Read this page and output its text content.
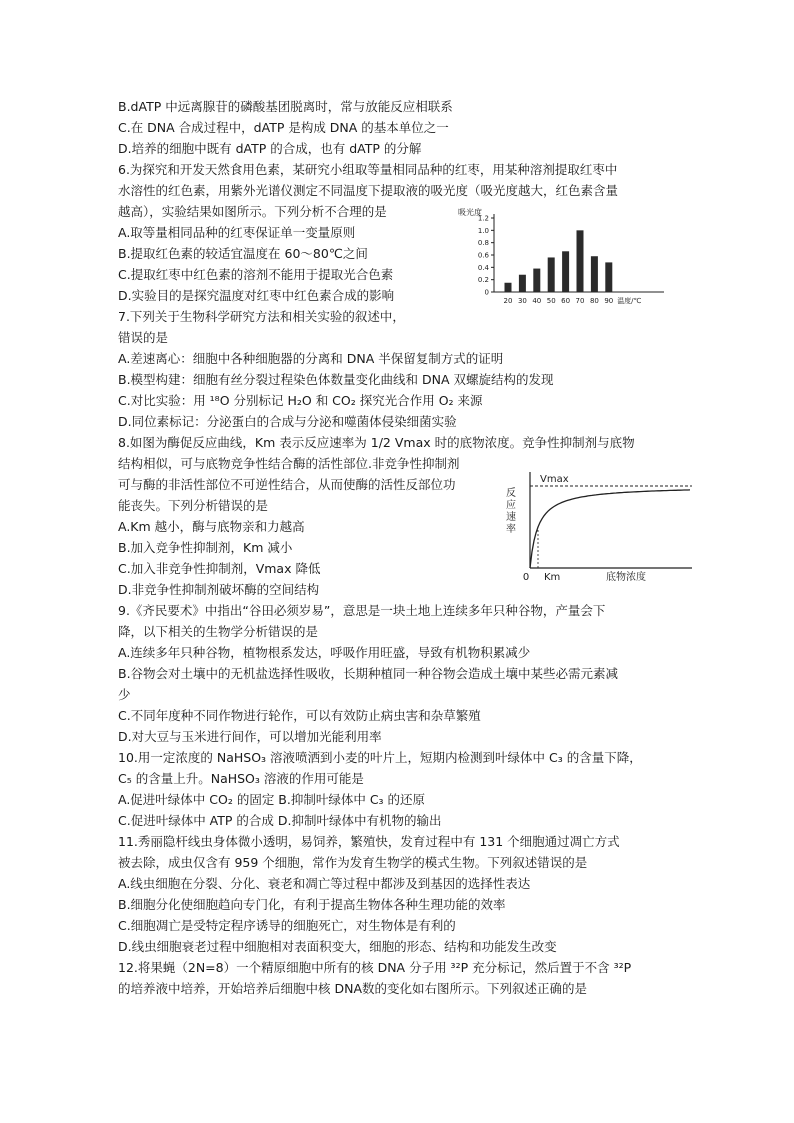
B.dATP 中远离腺苷的磷酸基团脱离时，常与放能反应相联系
C.在 DNA 合成过程中，dATP 是构成 DNA 的基本单位之一
D.培养的细胞中既有 dATP 的合成，也有 dATP 的分解
6.为探究和开发天然食用色素，某研究小组取等量相同品种的红枣，用某种溶剂提取红枣中
水溶性的红色素，用紫外光谱仪测定不同温度下提取液的吸光度（吸光度越大，红色素含量
越高），实验结果如图所示。下列分析不合理的是
A.取等量相同品种的红枣保证单一变量原则
B.提取红色素的较适宜温度在 60～80℃之间
C.提取红枣中红色素的溶剂不能用于提取光合色素
D.实验目的是探究温度对红枣中红色素合成的影响
7.下列关于生物科学研究方法和相关实验的叙述中，
错误的是
A.差速离心：细胞中各种细胞器的分离和 DNA 半保留复制方式的证明
B.模型构建：细胞有丝分裂过程染色体数量变化曲线和 DNA 双螺旋结构的发现
C.对比实验：用 ¹⁸O 分别标记 H₂O 和 CO₂ 探究光合作用 O₂ 来源
D.同位素标记：分泌蛋白的合成与分泌和噬菌体侵染细菌实验
8.如图为酶促反应曲线，Km 表示反应速率为 1/2 Vmax 时的底物浓度。竞争性抑制剂与底物
结构相似，可与底物竞争性结合酶的活性部位.非竞争性抑制剂
可与酶的非活性部位不可逆性结合，从而使酶的活性反部位功
能丧失。下列分析错误的是
A.Km 越小，酶与底物亲和力越高
B.加入竞争性抑制剂，Km 减小
C.加入非竞争性抑制剂，Vmax 降低
D.非竞争性抑制剂破坏酶的空间结构
9.《齐民要术》中指出“谷田必须岁易”，意思是一块土地上连续多年只种谷物，产量会下
降，以下相关的生物学分析错误的是
A.连续多年只种谷物，植物根系发达，呼吸作用旺盛，导致有机物积累减少
B.谷物会对土壤中的无机盐选择性吸收，长期种植同一种谷物会造成土壤中某些必需元素减
少
C.不同年度种不同作物进行轮作，可以有效防止病虫害和杂草繁殖
D.对大豆与玉米进行间作，可以增加光能利用率
10.用一定浓度的 NaHSO₃ 溶液喷洒到小麦的叶片上，短期内检测到叶绿体中 C₃ 的含量下降，
C₅ 的含量上升。NaHSO₃ 溶液的作用可能是
A.促进叶绿体中 CO₂ 的固定 B.抑制叶绿体中 C₃ 的还原
C.促进叶绿体中 ATP 的合成 D.抑制叶绿体中有机物的输出
11.秀丽隐杆线虫身体微小透明，易饲养，繁殖快，发育过程中有 131 个细胞通过凋亡方式
被去除，成虫仅含有 959 个细胞，常作为发育生物学的模式生物。下列叙述错误的是
A.线虫细胞在分裂、分化、衰老和凋亡等过程中都涉及到基因的选择性表达
B.细胞分化使细胞趋向专门化，有利于提高生物体各种生理功能的效率
C.细胞凋亡是受特定程序诱导的细胞死亡，对生物体是有利的
D.线虫细胞衰老过程中细胞相对表面积变大，细胞的形态、结构和功能发生改变
12.将果蝇（2N=8）一个精原细胞中所有的核 DNA 分子用 ³²P 充分标记，然后置于不含 ³²P
的培养液中培养，开始培养后细胞中核 DNA数的变化如右图所示。下列叙述正确的是
吸光度
0
0.2
0.4
0.6
0.8
1.0
1.2
20 30 40 50 60 70 80 90 温度/℃
Vmax
反
应
速
率
0 Km	底物浓度
